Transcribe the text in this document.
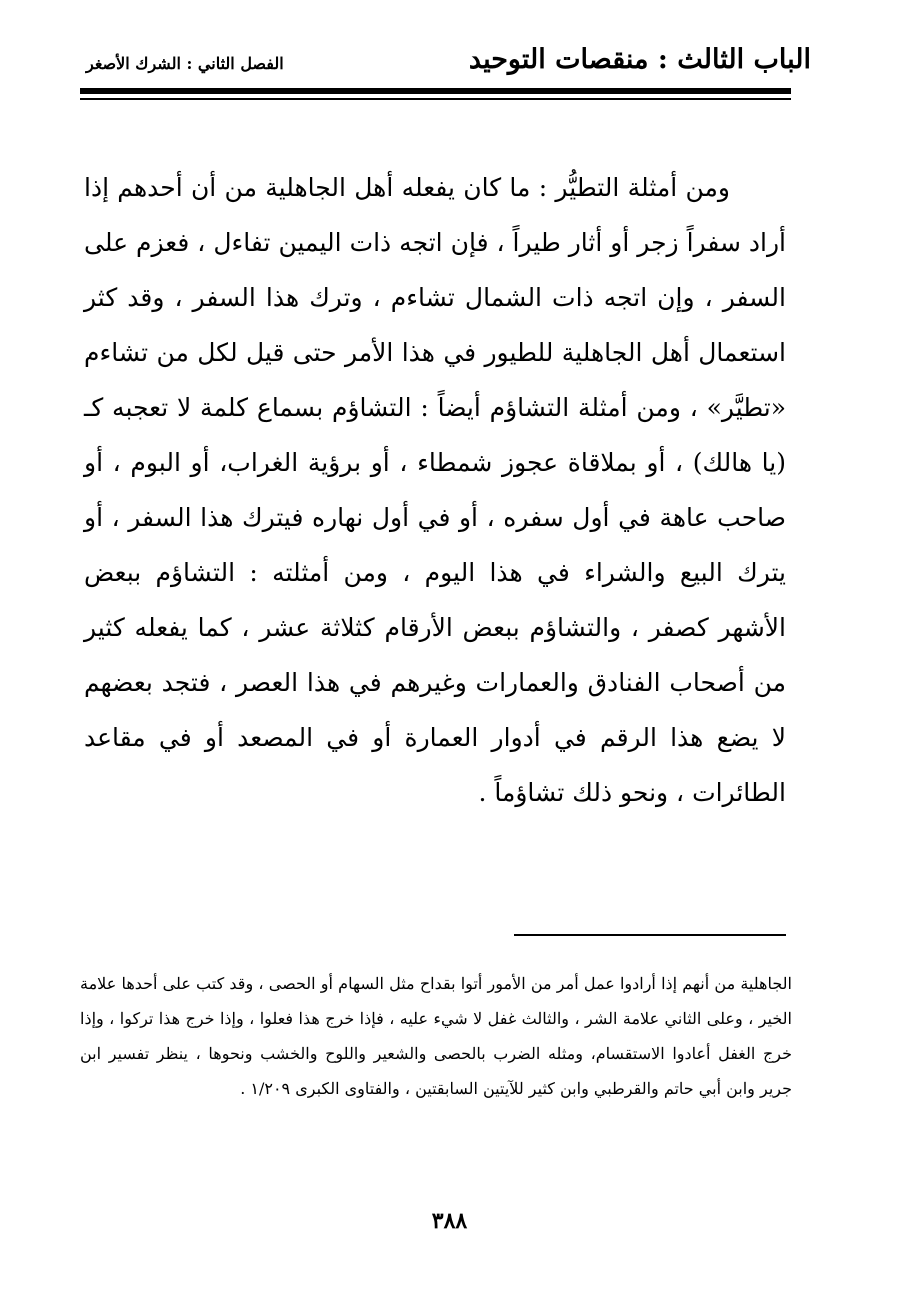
الباب الثالث : منقصات التوحيد
الفصل الثاني : الشرك الأصغر

ومن أمثلة التطيُّر : ما كان يفعله أهل الجاهلية من أن أحدهم إذا أراد سفراً زجر أو أثار طيراً ، فإن اتجه ذات اليمين تفاءل ، فعزم على السفر ، وإن اتجه ذات الشمال تشاءم ، وترك هذا السفر ، وقد كثر استعمال أهل الجاهلية للطيور في هذا الأمر حتى قيل لكل من تشاءم «تطيَّر» ، ومن أمثلة التشاؤم أيضاً : التشاؤم بسماع كلمة لا تعجبه كـ (يا هالك) ، أو بملاقاة عجوز شمطاء ، أو برؤية الغراب، أو البوم ، أو صاحب عاهة في أول سفره ، أو في أول نهاره فيترك هذا السفر ، أو يترك البيع والشراء في هذا اليوم ، ومن أمثلته : التشاؤم ببعض الأشهر كصفر ، والتشاؤم ببعض الأرقام كثلاثة عشر ، كما يفعله كثير من أصحاب الفنادق والعمارات وغيرهم في هذا العصر ، فتجد بعضهم لا يضع هذا الرقم في أدوار العمارة أو في المصعد أو في مقاعد الطائرات ، ونحو ذلك تشاؤماً .

الجاهلية من أنهم إذا أرادوا عمل أمر من الأمور أتوا بقداح مثل السهام أو الحصى ، وقد كتب على أحدها علامة الخير ، وعلى الثاني علامة الشر ، والثالث غفل لا شيء عليه ، فإذا خرج هذا فعلوا ، وإذا خرج هذا تركوا ، وإذا خرج الغفل أعادوا الاستقسام، ومثله الضرب بالحصى والشعير واللوح والخشب ونحوها ، ينظر تفسير ابن جرير وابن أبي حاتم والقرطبي وابن كثير للآيتين السابقتين ، والفتاوى الكبرى ١/٢٠٩ .

٣٨٨
